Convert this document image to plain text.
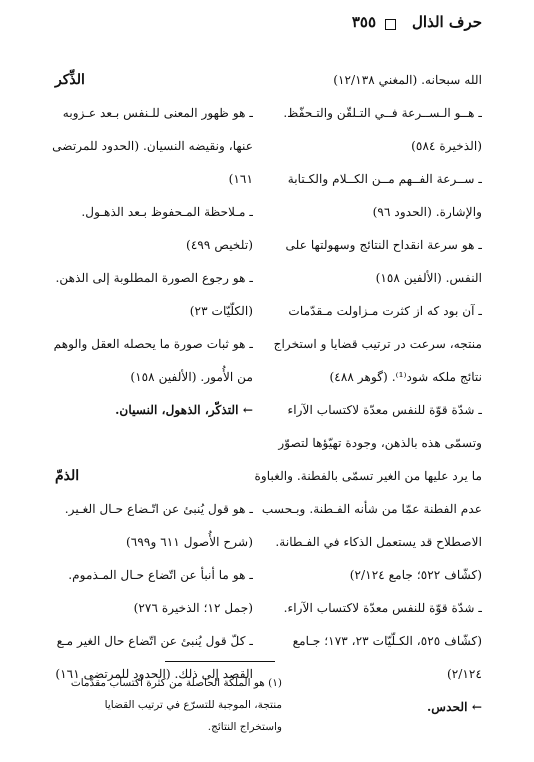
حرف الذال
٣٥٥
الله سبحانه. (المغني ١٢/١٣٨)
ـ هــو الـســرعة فــي التـلقّن والتـحفّظ.
(الذخيرة ٥٨٤)
ـ ســرعة الفــهم مــن الكــلام والكـتابة
والإشارة. (الحدود ٩٦)
ـ هو سرعة انقداح النتائج وسهولتها على
النفس. (الألفين ١٥٨)
ـ آن بود كه از كثرت مـزاولت مـقدّمات
منتجه، سرعت در ترتيب قضايا و استخراج
نتائج ملكه شود⁽¹⁾. (گوهر ٤٨٨)
ـ شدّة قوّة للنفس معدّة لاكتساب الآراء
وتسمّى هذه بالذهن، وجودة تهيّؤها لتصوّر
ما يرد عليها من الغير تسمّى بالفطنة. والغباوة
عدم الفطنة عمّا من شأنه الفـطنة. وبـحسب
الاصطلاح قد يستعمل الذكاء في الفـطانة.
(كشّاف ٥٢٢؛ جامع ٢/١٢٤)
ـ شدّة قوّة للنفس معدّة لاكتساب الآراء.
(كشّاف ٥٢٥، الكـلّيّات ٢٣، ١٧٣؛ جـامع
٢/١٢٤)
← الحدس.
الذِّكر
ـ هو ظهور المعنى للـنفس بـعد عـزوبه
عنها، ونقيضه النسيان. (الحدود للمرتضى
١٦١)
ـ مـلاحظة المـحفوظ بـعد الذهـول.
(تلخيص ٤٩٩)
ـ هو رجوع الصورة المطلوبة إلى الذهن.
(الكلّيّات ٢٣)
ـ هو ثبات صورة ما يحصله العقل والوهم
من الأُمور. (الألفين ١٥٨)
← التذكّر، الذهول، النسيان.
الذمّ
ـ هو قول يُنبئ عن اتّـضاع حـال الغـير.
(شرح الأُصول ٦١١ و٦٩٩)
ـ هو ما أنبأ عن اتّضاع حـال المـذموم.
(جمل ١٢؛ الذخيرة ٢٧٦)
ـ كلّ قول يُنبئ عن اتّضاع حال الغير مـع
القصد إلى ذلك. (الحدود للمرتضى ١٦١)
(١) هو الملكة الحاصلة من كثرة اكتساب مقدّمات
منتجة، الموجبة للتسرّع في ترتيب القضايا
واستخراج النتائج.
